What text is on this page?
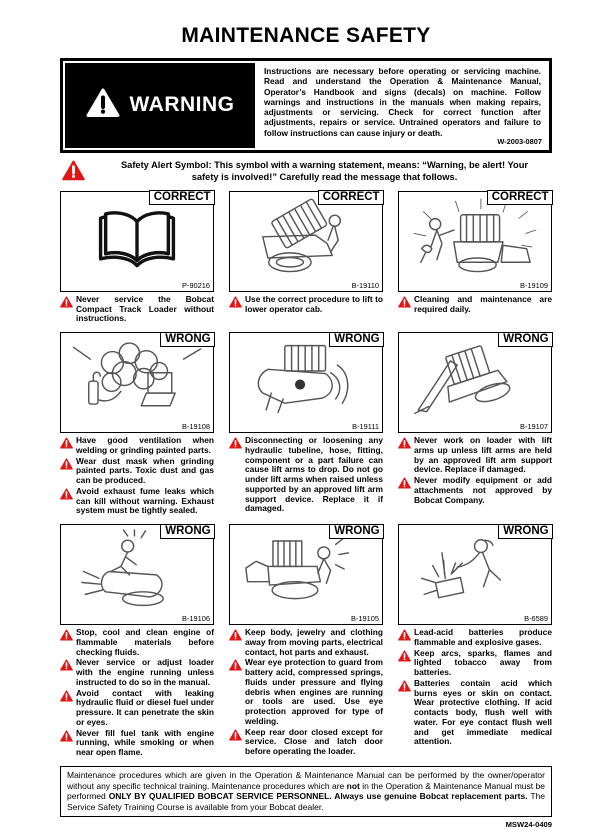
MAINTENANCE SAFETY
WARNING
Instructions are necessary before operating or servicing machine. Read and understand the Operation & Maintenance Manual, Operator’s Handbook and signs (decals) on machine. Follow warnings and instructions in the manuals when making repairs, adjustments or servicing. Check for correct function after adjustments, repairs or service. Untrained operators and failure to follow instructions can cause injury or death.
W-2003-0807
Safety Alert Symbol: This symbol with a warning statement, means: “Warning, be alert! Your safety is involved!” Carefully read the message that follows.
CORRECT
P-90216
Never service the Bobcat Compact Track Loader without instructions.
CORRECT
B-19110
Use the correct procedure to lift to lower operator cab.
CORRECT
B-19109
Cleaning and maintenance are required daily.
WRONG
B-19108
Have good ventilation when welding or grinding painted parts.
Wear dust mask when grinding painted parts. Toxic dust and gas can be produced.
Avoid exhaust fume leaks which can kill without warning. Exhaust system must be tightly sealed.
WRONG
B-19111
Disconnecting or loosening any hydraulic tubeline, hose, fitting, component or a part failure can cause lift arms to drop. Do not go under lift arms when raised unless supported by an approved lift arm support device. Replace it if damaged.
WRONG
B-19107
Never work on loader with lift arms up unless lift arms are held by an approved lift arm support device. Replace if damaged.
Never modify equipment or add attachments not approved by Bobcat Company.
WRONG
B-19106
Stop, cool and clean engine of flammable materials before checking fluids.
Never service or adjust loader with the engine running unless instructed to do so in the manual.
Avoid contact with leaking hydraulic fluid or diesel fuel under pressure. It can penetrate the skin or eyes.
Never fill fuel tank with engine running, while smoking or when near open flame.
WRONG
B-19105
Keep body, jewelry and clothing away from moving parts, electrical contact, hot parts and exhaust.
Wear eye protection to guard from battery acid, compressed springs, fluids under pressure and flying debris when engines are running or tools are used. Use eye protection approved for type of welding.
Keep rear door closed except for service. Close and latch door before operating the loader.
WRONG
B-6589
Lead-acid batteries produce flammable and explosive gases.
Keep arcs, sparks, flames and lighted tobacco away from batteries.
Batteries contain acid which burns eyes or skin on contact. Wear protective clothing. If acid contacts body, flush well with water. For eye contact flush well and get immediate medical attention.
Maintenance procedures which are given in the Operation & Maintenance Manual can be performed by the owner/operator without any specific technical training. Maintenance procedures which are not in the Operation & Maintenance Manual must be performed ONLY BY QUALIFIED BOBCAT SERVICE PERSONNEL. Always use genuine Bobcat replacement parts. The Service Safety Training Course is available from your Bobcat dealer.
MSW24-0409
